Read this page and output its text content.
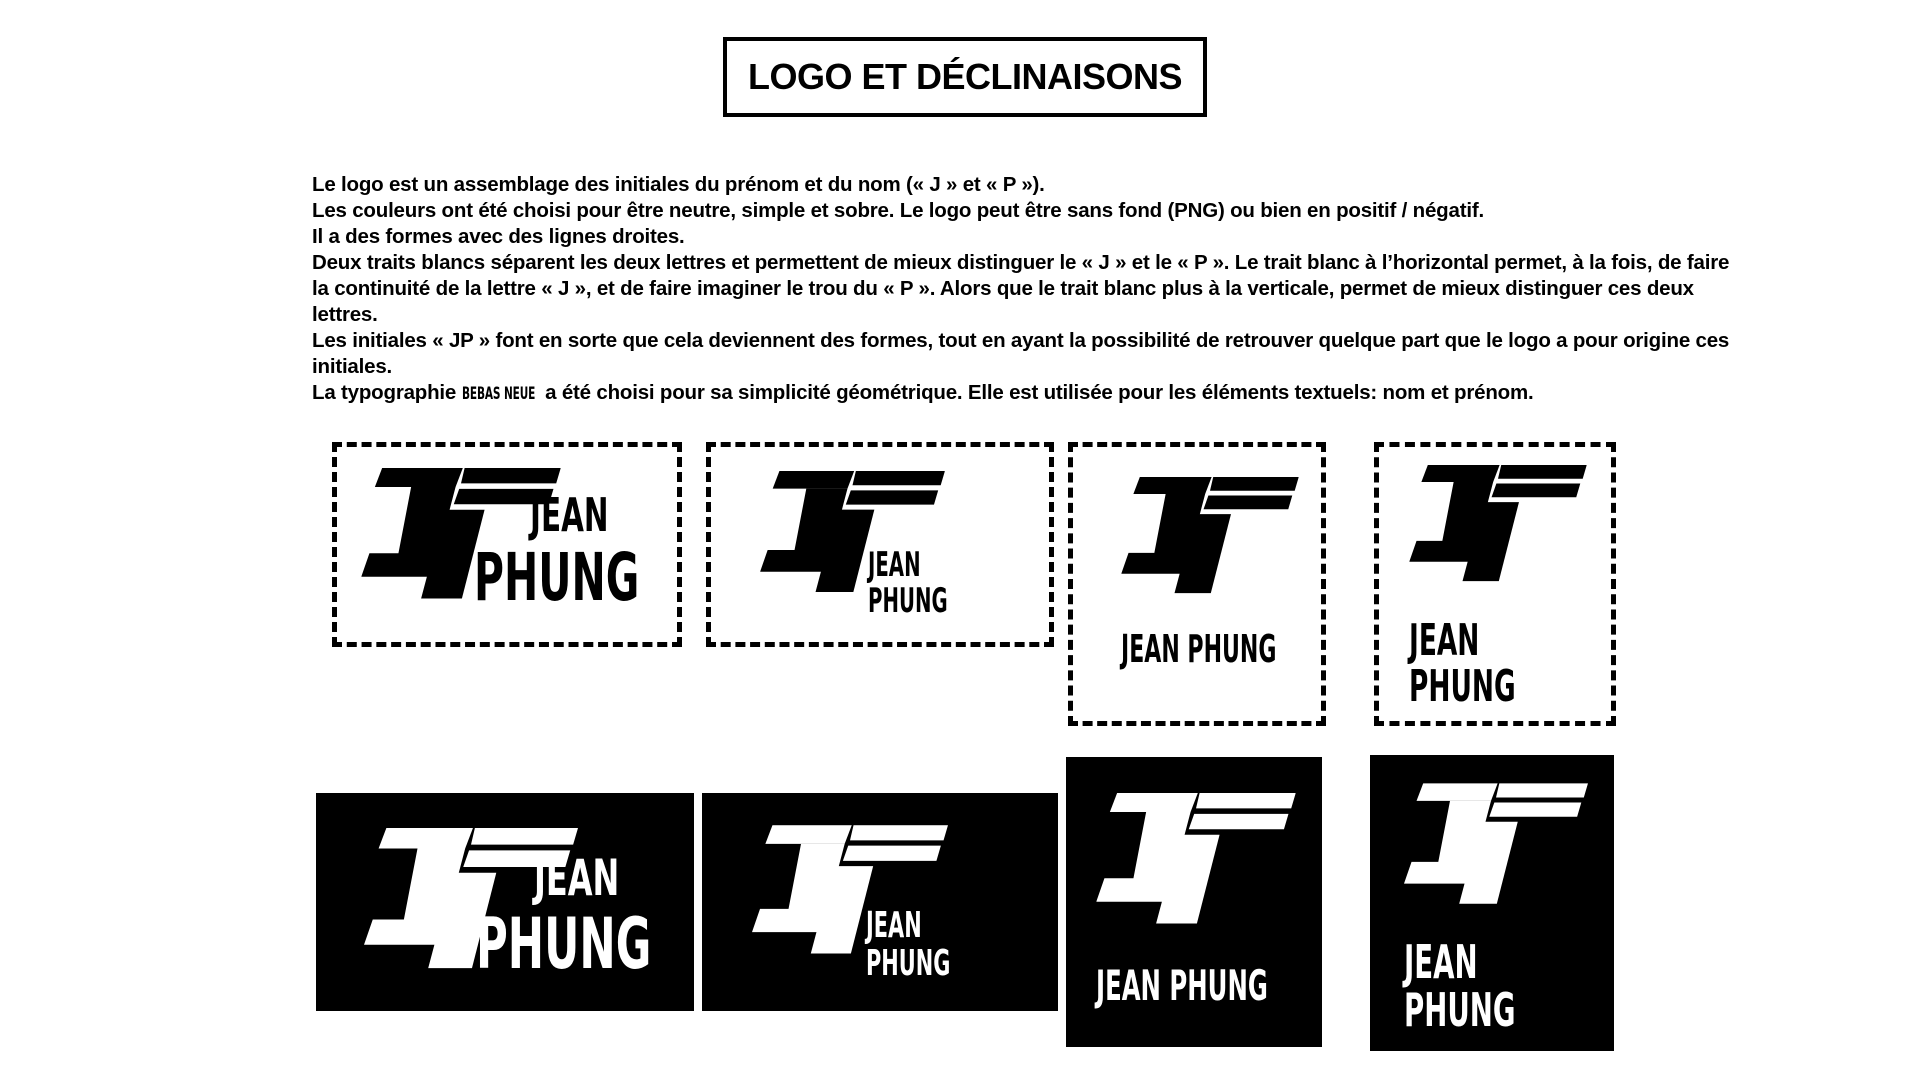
LOGO ET DÉCLINAISONS

Le logo est un assemblage des initiales du prénom et du nom (« J » et « P »).

Les couleurs ont été choisi pour être neutre, simple et sobre. Le logo peut être sans fond (PNG) ou bien en positif / négatif.

Il a des formes avec des lignes droites.

Deux traits blancs séparent les deux lettres et permettent de mieux distinguer le « J » et le « P ». Le trait blanc à l’horizontal permet, à la fois, de faire la continuité de la lettre « J », et de faire imaginer le trou du « P ». Alors que le trait blanc plus à la verticale, permet de mieux distinguer ces deux lettres.

Les initiales « JP » font en sorte que cela deviennent des formes, tout en ayant la possibilité de retrouver quelque part que le logo a pour origine ces initiales.

La typographie BEBAS NEUE a été choisi pour sa simplicité géométrique. Elle est utilisée pour les éléments textuels: nom et prénom.

JEAN
PHUNG	JEAN
PHUNG
JEAN PHUNG	JEAN
PHUNG
JEAN
PHUNG	JEAN
PHUNG	JEAN PHUNG	JEAN
PHUNG
